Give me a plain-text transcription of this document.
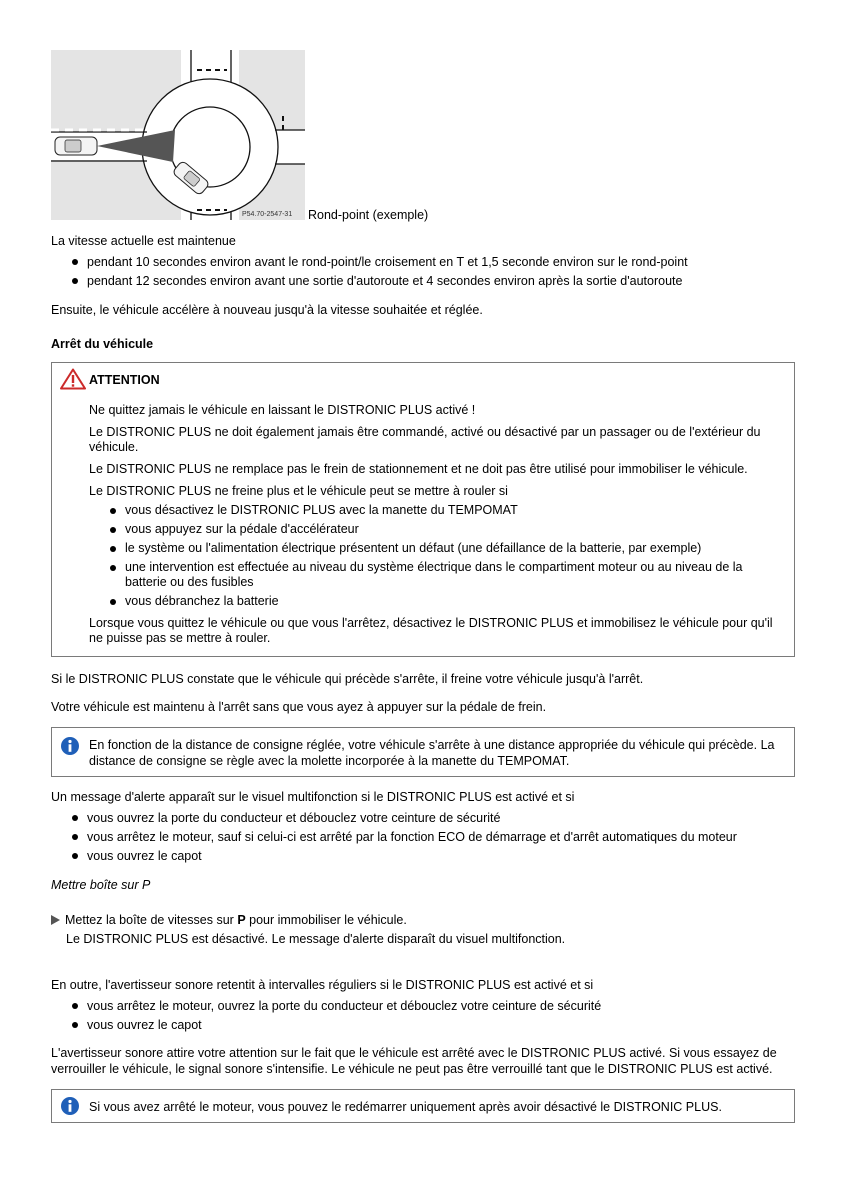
P54.70-2547-31 Rond-point (exemple)

La vitesse actuelle est maintenue

pendant 10 secondes environ avant le rond-point/le croisement en T et 1,5 seconde environ sur le rond-point
pendant 12 secondes environ avant une sortie d'autoroute et 4 secondes environ après la sortie d'autoroute

Ensuite, le véhicule accélère à nouveau jusqu'à la vitesse souhaitée et réglée.

Arrêt du véhicule

ATTENTION

Ne quittez jamais le véhicule en laissant le DISTRONIC PLUS activé !

Le DISTRONIC PLUS ne doit également jamais être commandé, activé ou désactivé par un passager ou de l'extérieur du véhicule.

Le DISTRONIC PLUS ne remplace pas le frein de stationnement et ne doit pas être utilisé pour immobiliser le véhicule.

Le DISTRONIC PLUS ne freine plus et le véhicule peut se mettre à rouler si

vous désactivez le DISTRONIC PLUS avec la manette du TEMPOMAT
vous appuyez sur la pédale d'accélérateur
le système ou l'alimentation électrique présentent un défaut (une défaillance de la batterie, par exemple)
une intervention est effectuée au niveau du système électrique dans le compartiment moteur ou au niveau de la batterie ou des fusibles
vous débranchez la batterie

Lorsque vous quittez le véhicule ou que vous l'arrêtez, désactivez le DISTRONIC PLUS et immobilisez le véhicule pour qu'il ne puisse pas se mettre à rouler.

Si le DISTRONIC PLUS constate que le véhicule qui précède s'arrête, il freine votre véhicule jusqu'à l'arrêt.

Votre véhicule est maintenu à l'arrêt sans que vous ayez à appuyer sur la pédale de frein.

En fonction de la distance de consigne réglée, votre véhicule s'arrête à une distance appropriée du véhicule qui précède. La distance de consigne se règle avec la molette incorporée à la manette du TEMPOMAT.

Un message d'alerte apparaît sur le visuel multifonction si le DISTRONIC PLUS est activé et si

vous ouvrez la porte du conducteur et débouclez votre ceinture de sécurité
vous arrêtez le moteur, sauf si celui-ci est arrêté par la fonction ECO de démarrage et d'arrêt automatiques du moteur
vous ouvrez le capot

Mettre boîte sur P

Mettez la boîte de vitesses sur P pour immobiliser le véhicule.

Le DISTRONIC PLUS est désactivé. Le message d'alerte disparaît du visuel multifonction.

En outre, l'avertisseur sonore retentit à intervalles réguliers si le DISTRONIC PLUS est activé et si

vous arrêtez le moteur, ouvrez la porte du conducteur et débouclez votre ceinture de sécurité
vous ouvrez le capot

L'avertisseur sonore attire votre attention sur le fait que le véhicule est arrêté avec le DISTRONIC PLUS activé. Si vous essayez de verrouiller le véhicule, le signal sonore s'intensifie. Le véhicule ne peut pas être verrouillé tant que le DISTRONIC PLUS est activé.

Si vous avez arrêté le moteur, vous pouvez le redémarrer uniquement après avoir désactivé le DISTRONIC PLUS.
